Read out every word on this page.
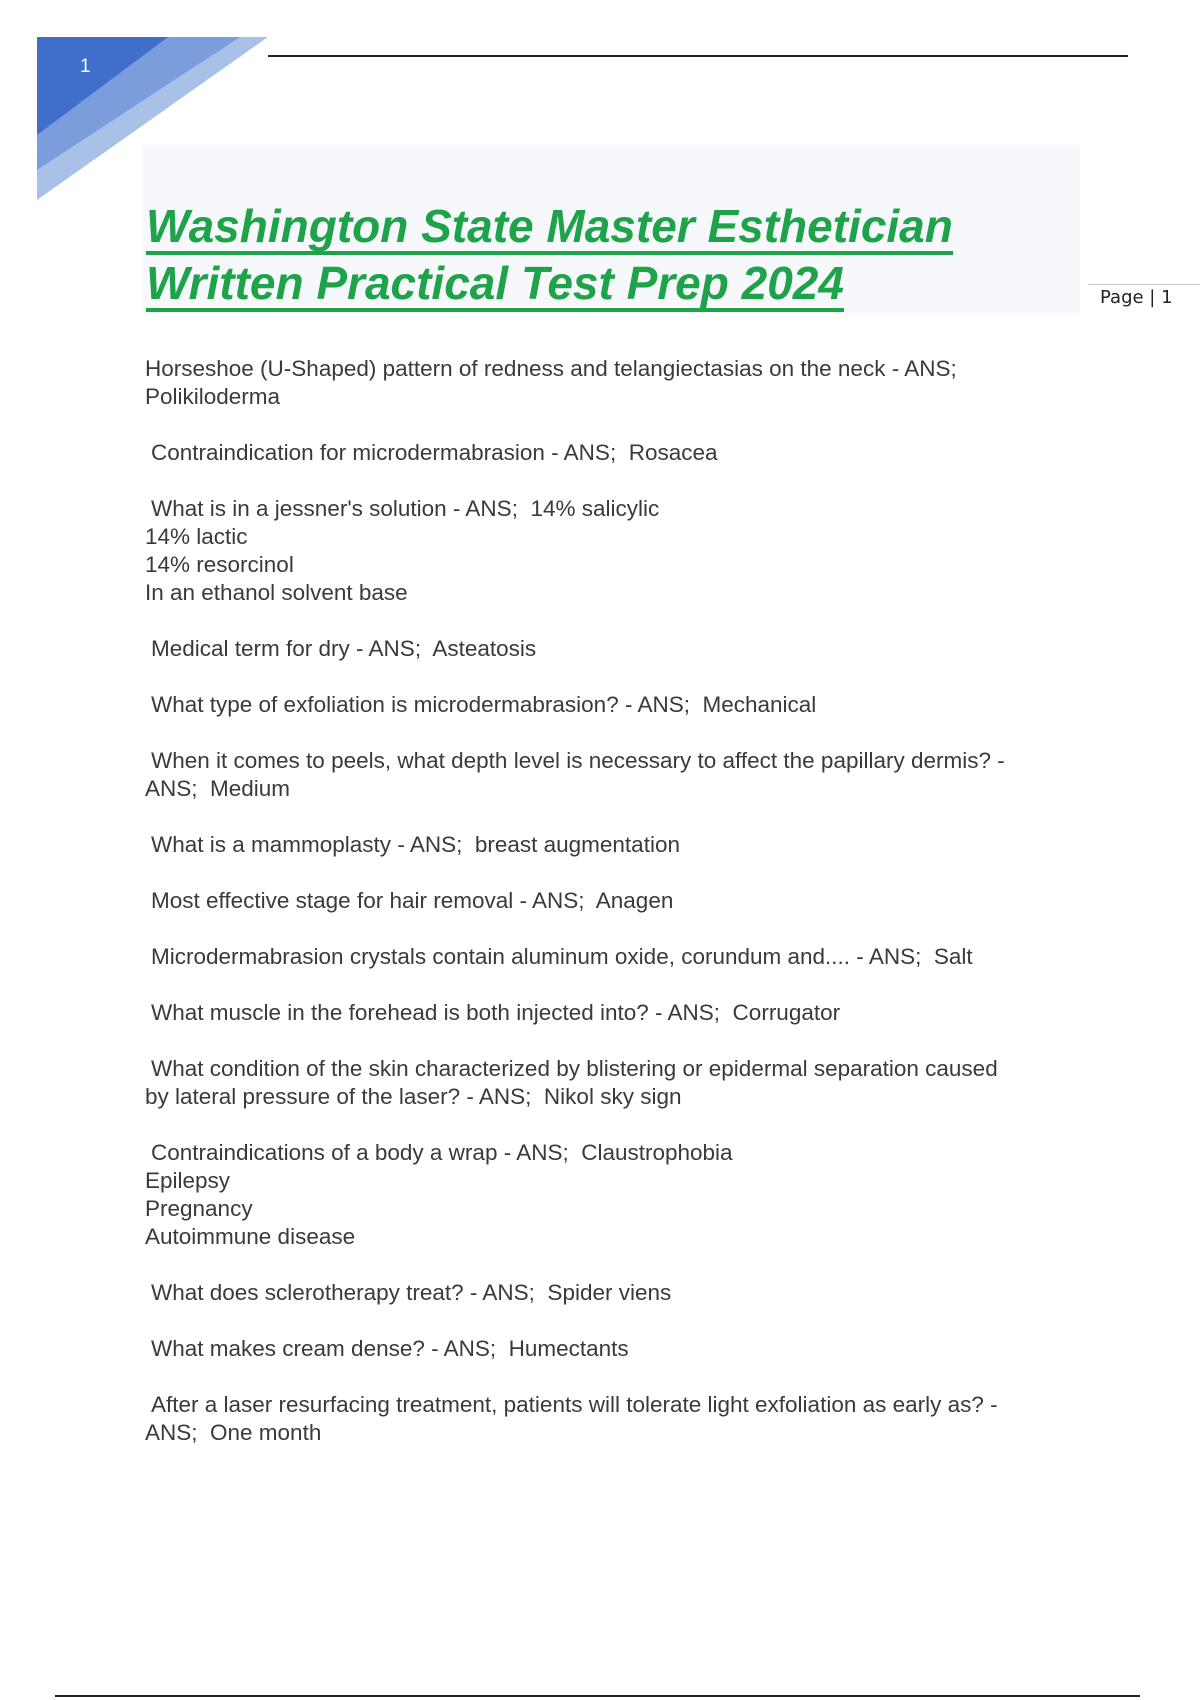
1
Washington State Master Esthetician
Written Practical Test Prep 2024	Page | 1
Horseshoe (U-Shaped) pattern of redness and telangiectasias on the neck - ANS;
Polikiloderma
Contraindication for microdermabrasion - ANS;  Rosacea
What is in a jessner's solution - ANS;  14% salicylic
14% lactic
14% resorcinol
In an ethanol solvent base
Medical term for dry - ANS;  Asteatosis
What type of exfoliation is microdermabrasion? - ANS;  Mechanical
When it comes to peels, what depth level is necessary to affect the papillary dermis? -
ANS;  Medium
What is a mammoplasty - ANS;  breast augmentation
Most effective stage for hair removal - ANS;  Anagen
Microdermabrasion crystals contain aluminum oxide, corundum and.... - ANS;  Salt
What muscle in the forehead is both injected into? - ANS;  Corrugator
What condition of the skin characterized by blistering or epidermal separation caused
by lateral pressure of the laser? - ANS;  Nikol sky sign
Contraindications of a body a wrap - ANS;  Claustrophobia
Epilepsy
Pregnancy
Autoimmune disease
What does sclerotherapy treat? - ANS;  Spider viens
What makes cream dense? - ANS;  Humectants
After a laser resurfacing treatment, patients will tolerate light exfoliation as early as? -
ANS;  One month
